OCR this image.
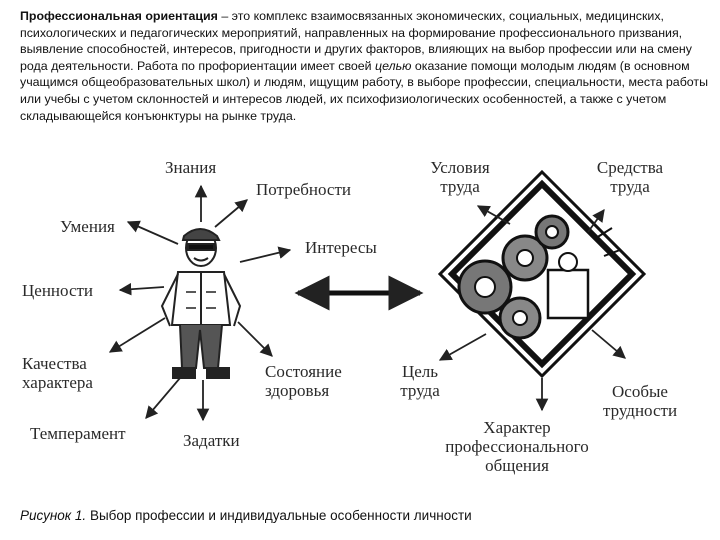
Профессиональная ориентация – это комплекс взаимосвязанных экономических, социальных, медицинских, психологических и педагогических мероприятий, направленных на формирование профессионального призвания, выявление способностей, интересов, пригодности и других факторов, влияющих на выбор профессии или на смену рода деятельности. Работа по профориентации имеет своей целью оказание помощи молодым людям (в основном учащимся общеобразовательных школ) и людям, ищущим работу, в выборе профессии, специальности, места работы или учебы с учетом склонностей и интересов людей, их психофизиологических особенностей, а также с учетом складывающейся конъюнктуры на рынке труда.
Знания
Потребности
Умения
Интересы
Ценности
Качества
характера
Состояние
здоровья
Темперамент	Задатки
Условия
труда
Средства
труда
Цель
труда	Особые
трудности
Характер
профессионального
общения
Рисунок 1. Выбор профессии и индивидуальные особенности личности
